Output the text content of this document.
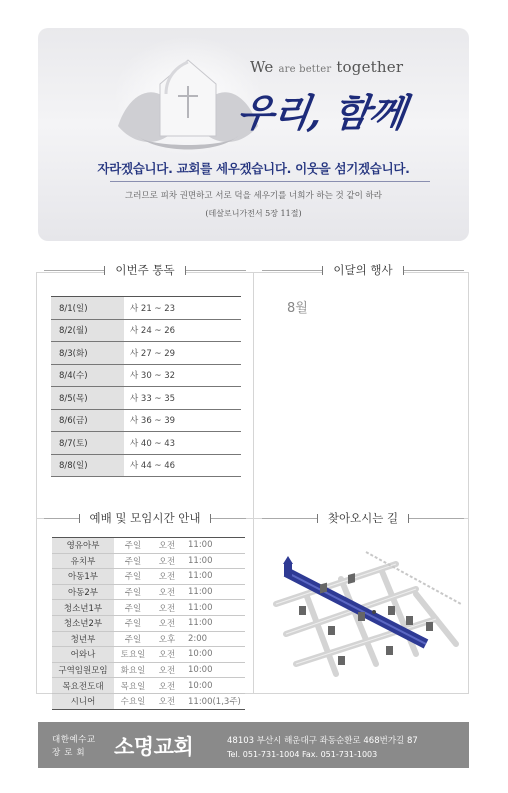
We are better together
우리, 함께
자라겠습니다. 교회를 세우겠습니다. 이웃을 섬기겠습니다.
그러므로 피차 권면하고 서로 덕을 세우기를 너희가 하는 것 같이 하라
(데살로니가전서 5장 11절)
이번주 통독
8/1(일)	사 21 ~ 23
8/2(월)	사 24 ~ 26
8/3(화)	사 27 ~ 29
8/4(수)	사 30 ~ 32
8/5(목)	사 33 ~ 35
8/6(금)	사 36 ~ 39
8/7(토)	사 40 ~ 43
8/8(일)	사 44 ~ 46
이달의 행사
8월
예배 및 모임시간 안내
영유아부	주일	오전	11:00
유치부	주일	오전	11:00
아동1부	주일	오전	11:00
아동2부	주일	오전	11:00
청소년1부	주일	오전	11:00
청소년2부	주일	오전	11:00
청년부	주일	오후	2:00
어와나	토요일	오전	10:00
구역임원모임	화요일	오전	10:00
목요전도대	목요일	오전	10:00
시니어	수요일	오전	11:00(1,3주)
찾아오시는 길
대한예수교
장로회 소명교회	48103 부산시 해운대구 좌동순환로 468번가길 87
Tel. 051-731-1004 Fax. 051-731-1003
